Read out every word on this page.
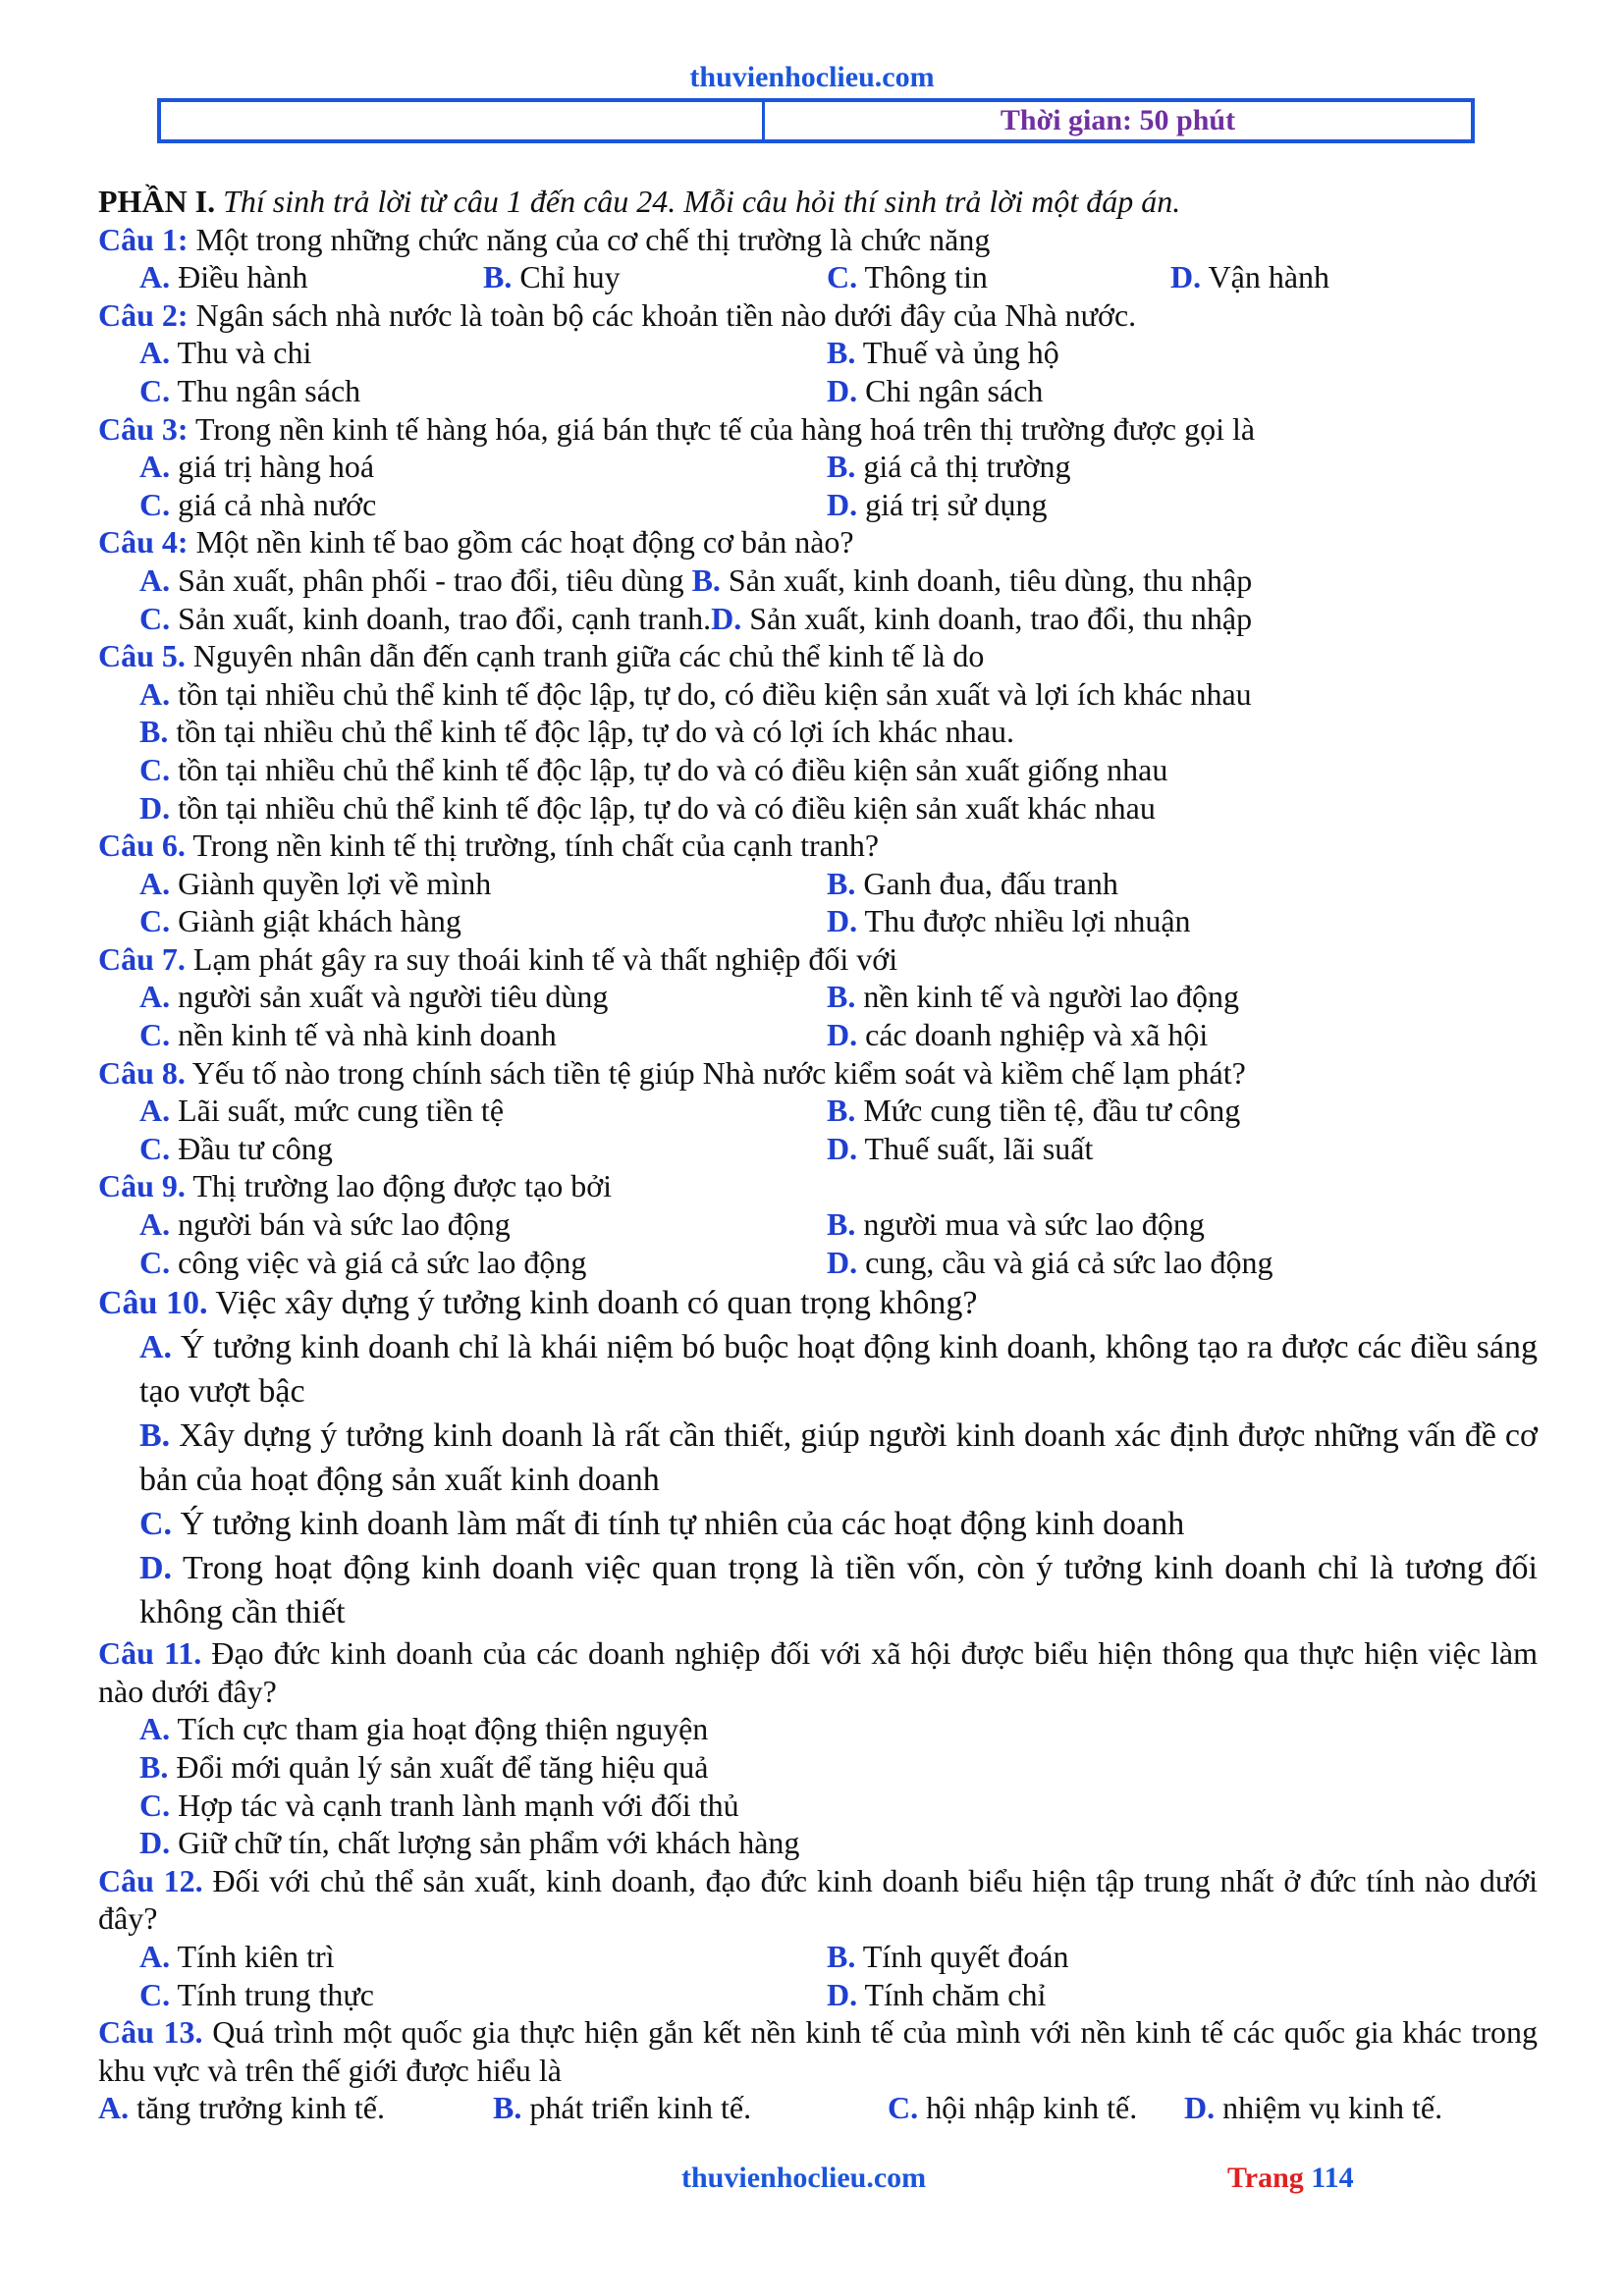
thuvienhoclieu.com
Thời gian: 50 phút
PHẦN I. Thí sinh trả lời từ câu 1 đến câu 24. Mỗi câu hỏi thí sinh trả lời một đáp án.
Câu 1: Một trong những chức năng của cơ chế thị trường là chức năng
A. Điều hành	B. Chỉ huy	C. Thông tin	D. Vận hành
Câu 2: Ngân sách nhà nước là toàn bộ các khoản tiền nào dưới đây của Nhà nước.
A. Thu và chi	B. Thuế và ủng hộ
C. Thu ngân sách	D. Chi ngân sách
Câu 3: Trong nền kinh tế hàng hóa, giá bán thực tế của hàng hoá trên thị trường được gọi là
A. giá trị hàng hoá	B. giá cả thị trường
C. giá cả nhà nước	D. giá trị sử dụng
Câu 4: Một nền kinh tế bao gồm các hoạt động cơ bản nào?
A. Sản xuất, phân phối - trao đổi, tiêu dùng B. Sản xuất, kinh doanh, tiêu dùng, thu nhập
C. Sản xuất, kinh doanh, trao đổi, cạnh tranh.D. Sản xuất, kinh doanh, trao đổi, thu nhập
Câu 5. Nguyên nhân dẫn đến cạnh tranh giữa các chủ thể kinh tế là do
A. tồn tại nhiều chủ thể kinh tế độc lập, tự do, có điều kiện sản xuất và lợi ích khác nhau
B. tồn tại nhiều chủ thể kinh tế độc lập, tự do và có lợi ích khác nhau.
C. tồn tại nhiều chủ thể kinh tế độc lập, tự do và có điều kiện sản xuất giống nhau
D. tồn tại nhiều chủ thể kinh tế độc lập, tự do và có điều kiện sản xuất khác nhau
Câu 6. Trong nền kinh tế thị trường, tính chất của cạnh tranh?
A. Giành quyền lợi về mình	B. Ganh đua, đấu tranh
C. Giành giật khách hàng	D. Thu được nhiều lợi nhuận
Câu 7. Lạm phát gây ra suy thoái kinh tế và thất nghiệp đối với
A. người sản xuất và người tiêu dùng	B. nền kinh tế và người lao động
C. nền kinh tế và nhà kinh doanh	D. các doanh nghiệp và xã hội
Câu 8. Yếu tố nào trong chính sách tiền tệ giúp Nhà nước kiểm soát và kiềm chế lạm phát?
A. Lãi suất, mức cung tiền tệ	B. Mức cung tiền tệ, đầu tư công
C. Đầu tư công	D. Thuế suất, lãi suất
Câu 9. Thị trường lao động được tạo bởi
A. người bán và sức lao động	B. người mua và sức lao động
C. công việc và giá cả sức lao động	D. cung, cầu và giá cả sức lao động
Câu 10. Việc xây dựng ý tưởng kinh doanh có quan trọng không?
A. Ý tưởng kinh doanh chỉ là khái niệm bó buộc hoạt động kinh doanh, không tạo ra được các điều sáng tạo vượt bậc
B. Xây dựng ý tưởng kinh doanh là rất cần thiết, giúp người kinh doanh xác định được những vấn đề cơ bản của hoạt động sản xuất kinh doanh
C. Ý tưởng kinh doanh làm mất đi tính tự nhiên của các hoạt động kinh doanh
D. Trong hoạt động kinh doanh việc quan trọng là tiền vốn, còn ý tưởng kinh doanh chỉ là tương đối không cần thiết
Câu 11. Đạo đức kinh doanh của các doanh nghiệp đối với xã hội được biểu hiện thông qua thực hiện việc làm nào dưới đây?
A. Tích cực tham gia hoạt động thiện nguyện
B. Đổi mới quản lý sản xuất để tăng hiệu quả
C. Hợp tác và cạnh tranh lành mạnh với đối thủ
D. Giữ chữ tín, chất lượng sản phẩm với khách hàng
Câu 12. Đối với chủ thể sản xuất, kinh doanh, đạo đức kinh doanh biểu hiện tập trung nhất ở đức tính nào dưới đây?
A. Tính kiên trì	B. Tính quyết đoán
C. Tính trung thực	D. Tính chăm chỉ
Câu 13. Quá trình một quốc gia thực hiện gắn kết nền kinh tế của mình với nền kinh tế các quốc gia khác trong khu vực và trên thế giới được hiểu là
A. tăng trưởng kinh tế.	B. phát triển kinh tế.	C. hội nhập kinh tế.	D. nhiệm vụ kinh tế.
thuvienhoclieu.com	Trang 114
